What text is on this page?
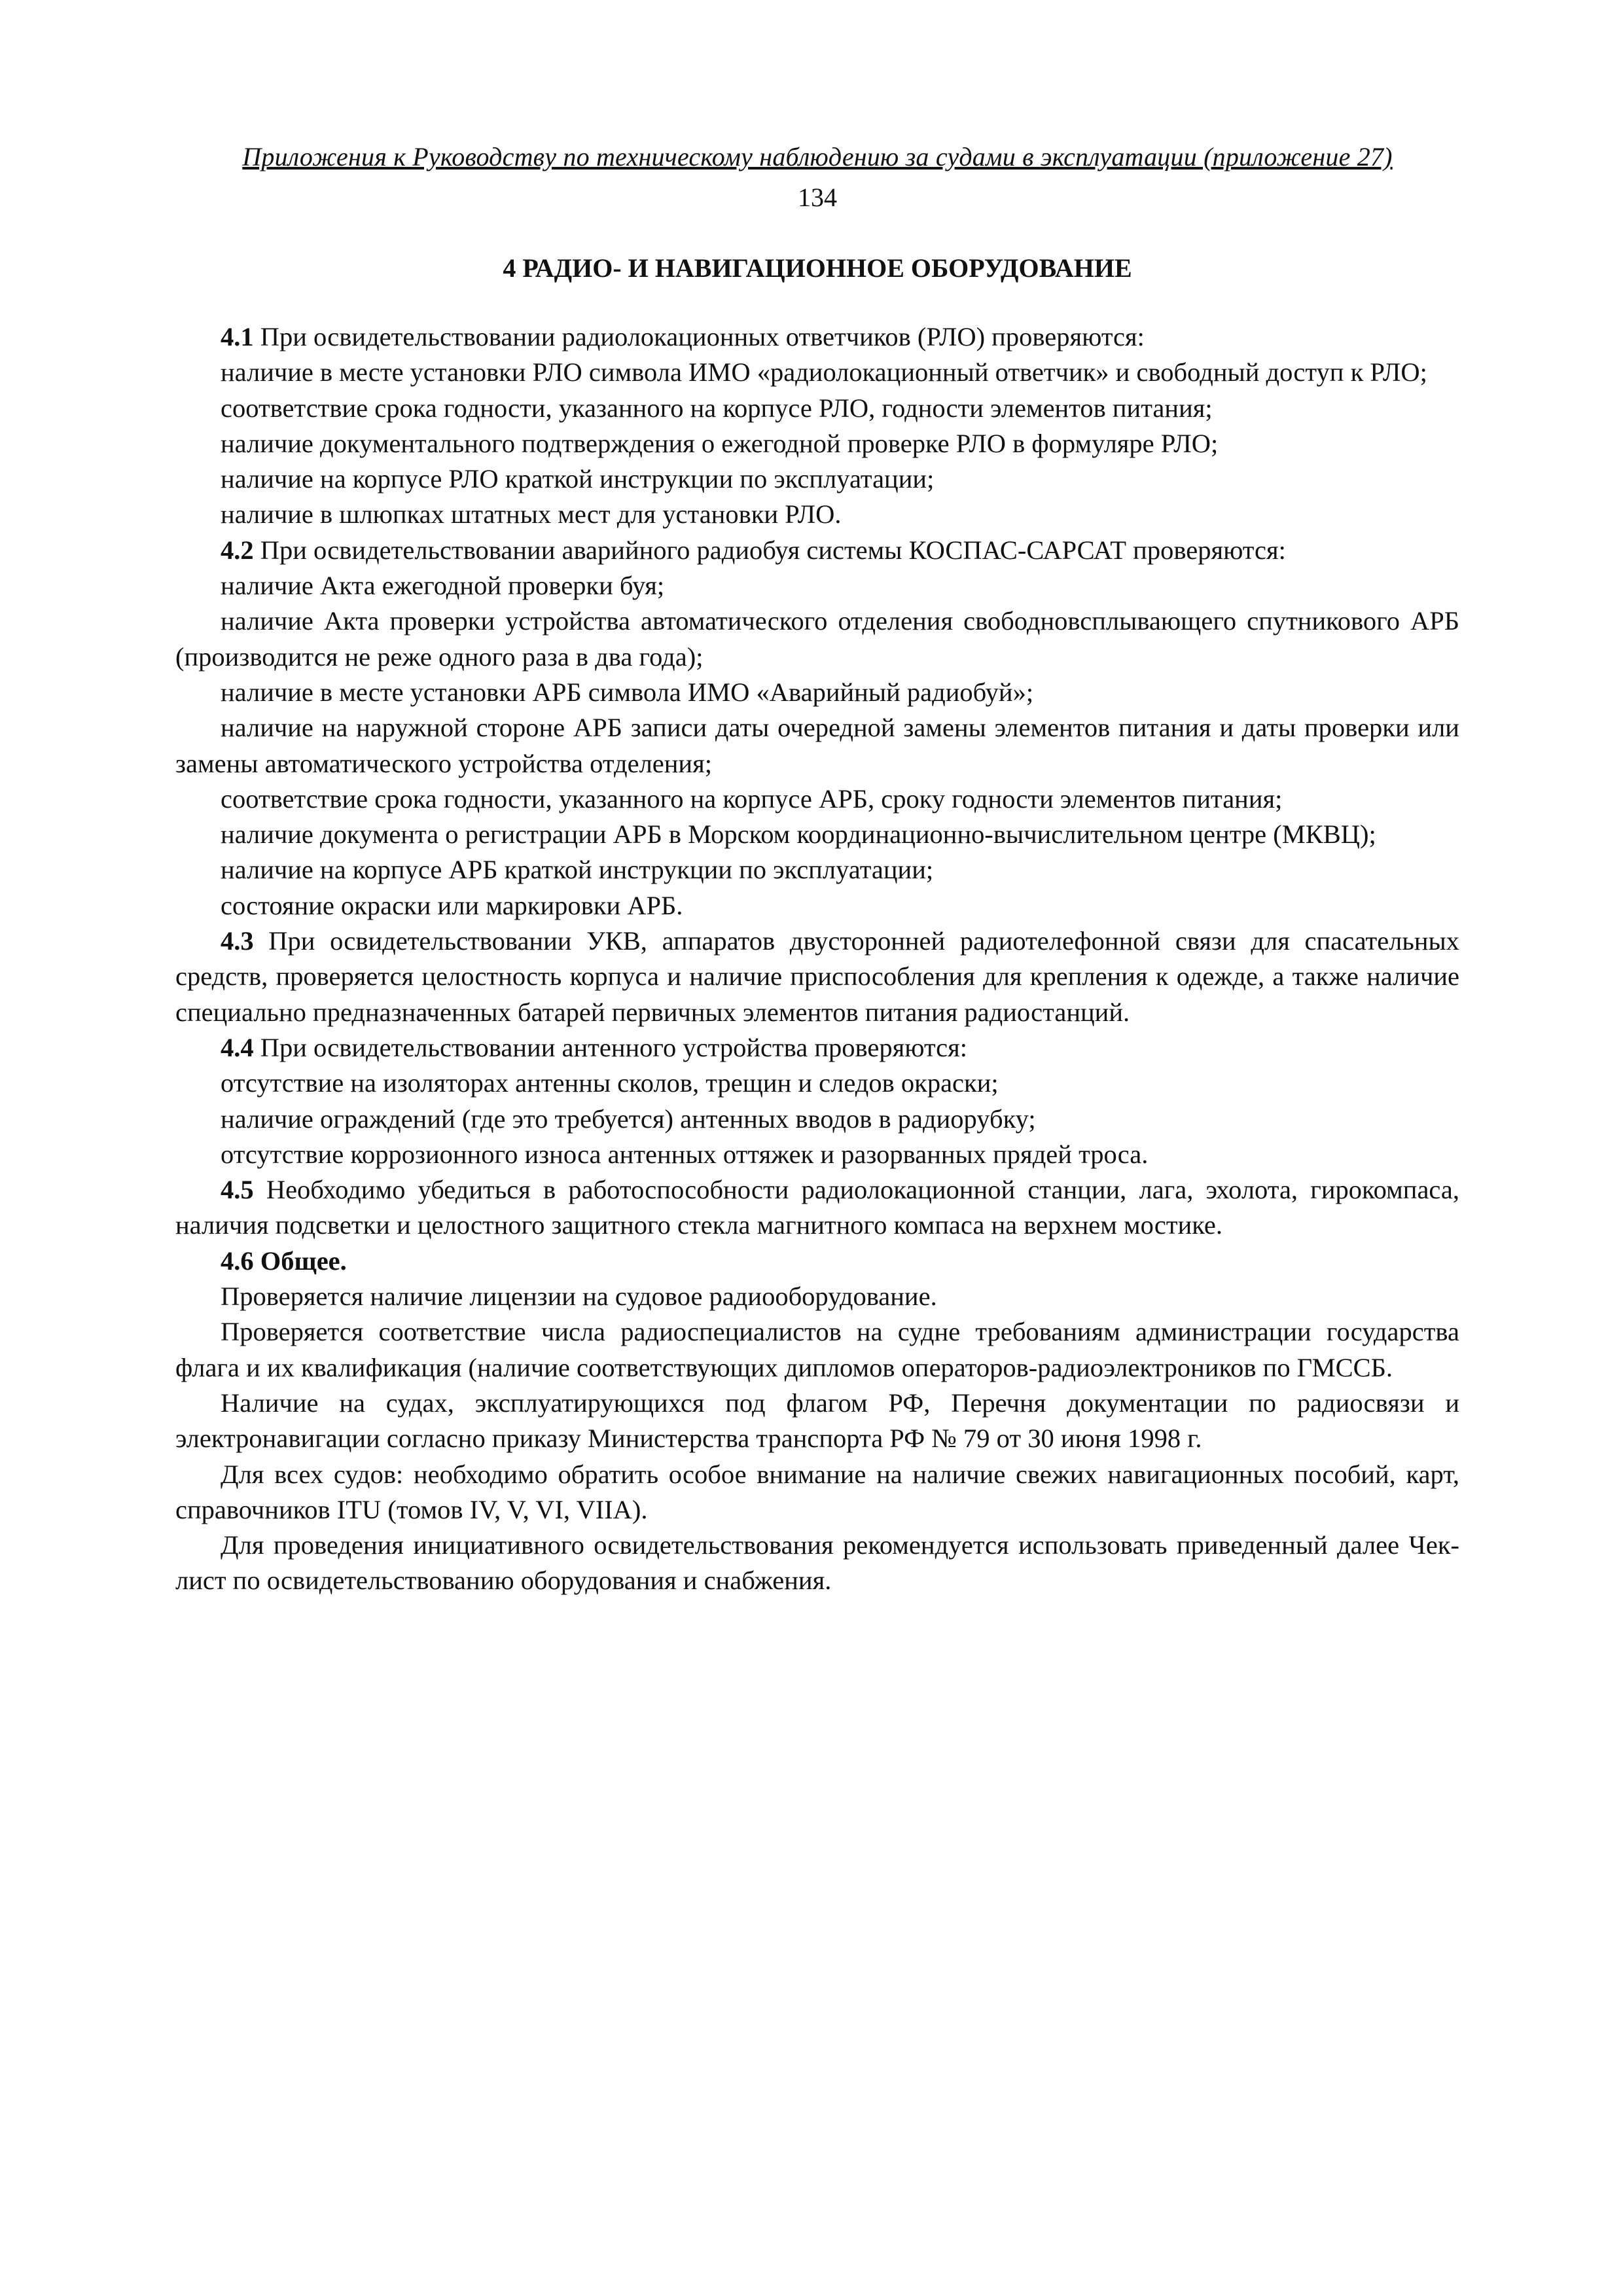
Приложения к Руководству по техническому наблюдению за судами в эксплуатации (приложение 27)
134
4 РАДИО- И НАВИГАЦИОННОЕ ОБОРУДОВАНИЕ

4.1 При освидетельствовании радиолокационных ответчиков (РЛО) проверяются:

наличие в месте установки РЛО символа ИМО «радиолокационный ответчик» и свободный доступ к РЛО;

соответствие срока годности, указанного на корпусе РЛО, годности элементов питания;

наличие документального подтверждения о ежегодной проверке РЛО в формуляре РЛО;

наличие на корпусе РЛО краткой инструкции по эксплуатации;

наличие в шлюпках штатных мест для установки РЛО.

4.2 При освидетельствовании аварийного радиобуя системы КОСПАС-САРСАТ проверяются:

наличие Акта ежегодной проверки буя;

наличие Акта проверки устройства автоматического отделения свободновсплывающего спутникового АРБ (производится не реже одного раза в два года);

наличие в месте установки АРБ символа ИМО «Аварийный радиобуй»;

наличие на наружной стороне АРБ записи даты очередной замены элементов питания и даты проверки или замены автоматического устройства отделения;

соответствие срока годности, указанного на корпусе АРБ, сроку годности элементов питания;

наличие документа о регистрации АРБ в Морском координационно-вычислительном центре (МКВЦ);

наличие на корпусе АРБ краткой инструкции по эксплуатации;

состояние окраски или маркировки АРБ.

4.3 При освидетельствовании УКВ, аппаратов двусторонней радиотелефонной связи для спасательных средств, проверяется целостность корпуса и наличие приспособления для крепления к одежде, а также наличие специально предназначенных батарей первичных элементов питания радиостанций.

4.4 При освидетельствовании антенного устройства проверяются:

отсутствие на изоляторах антенны сколов, трещин и следов окраски;

наличие ограждений (где это требуется) антенных вводов в радиорубку;

отсутствие коррозионного износа антенных оттяжек и разорванных прядей троса.

4.5 Необходимо убедиться в работоспособности радиолокационной станции, лага, эхолота, гирокомпаса, наличия подсветки и целостного защитного стекла магнитного компаса на верхнем мостике.

4.6 Общее.

Проверяется наличие лицензии на судовое радиооборудование.

Проверяется соответствие числа радиоспециалистов на судне требованиям администрации государства флага и их квалификация (наличие соответствующих дипломов операторов-радиоэлектроников по ГМССБ.

Наличие на судах, эксплуатирующихся под флагом РФ, Перечня документации по радиосвязи и электронавигации согласно приказу Министерства транспорта РФ № 79 от 30 июня 1998 г.

Для всех судов: необходимо обратить особое внимание на наличие свежих навигационных пособий, карт, справочников ITU (томов IV, V, VI, VIIA).

Для проведения инициативного освидетельствования рекомендуется использовать приведенный далее Чек-лист по освидетельствованию оборудования и снабжения.
